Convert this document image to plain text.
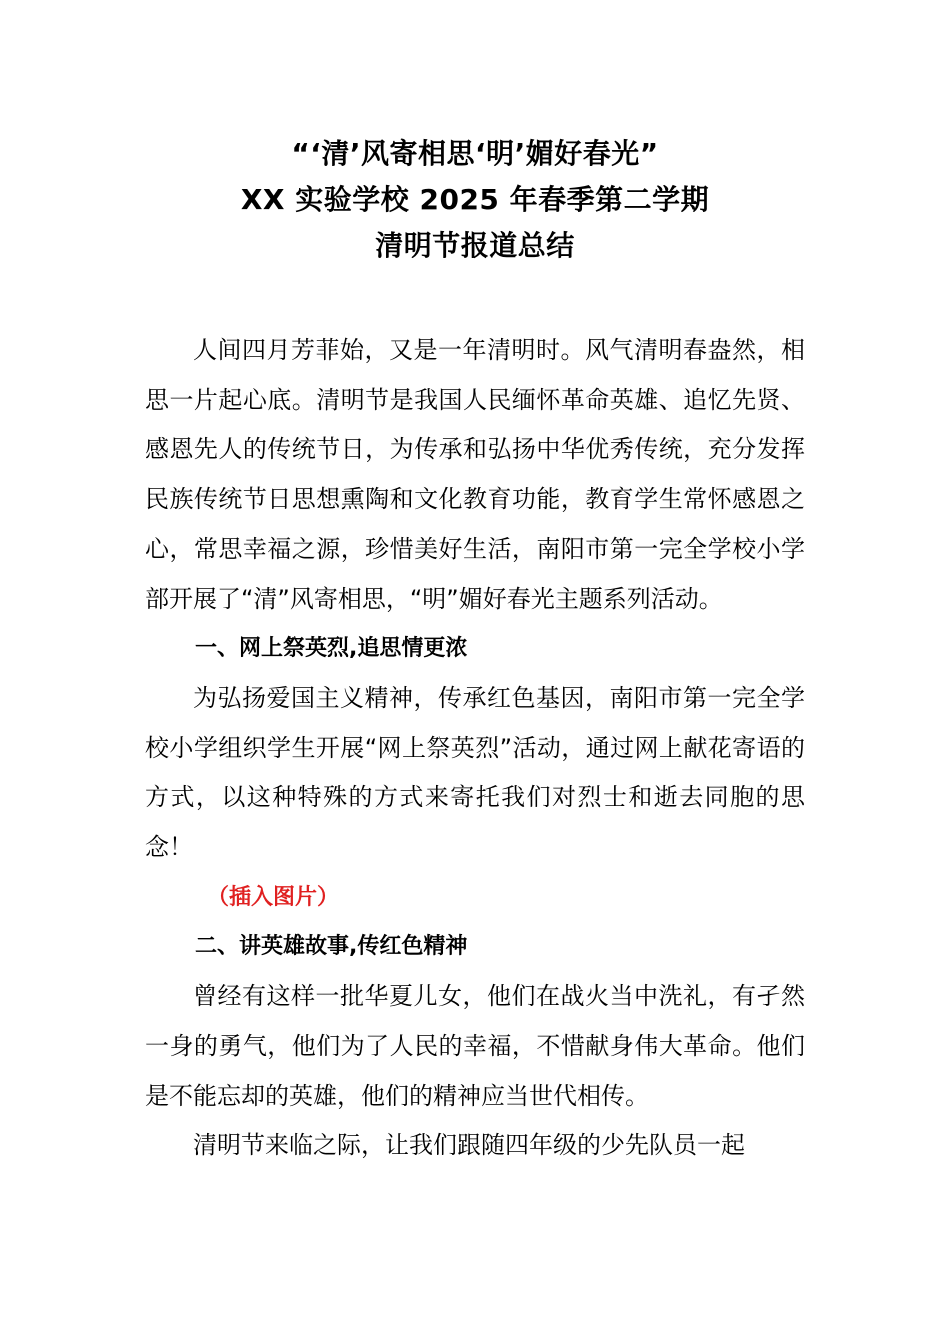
“‘清’风寄相思‘明’媚好春光”
XX 实验学校 2025 年春季第二学期
清明节报道总结

人间四月芳菲始，又是一年清明时。风气清明春盎然，相思一片起心底。清明节是我国人民缅怀革命英雄、追忆先贤、感恩先人的传统节日，为传承和弘扬中华优秀传统，充分发挥民族传统节日思想熏陶和文化教育功能，教育学生常怀感恩之心，常思幸福之源，珍惜美好生活，南阳市第一完全学校小学部开展了“清”风寄相思，“明”媚好春光主题系列活动。

一、网上祭英烈,追思情更浓

为弘扬爱国主义精神，传承红色基因，南阳市第一完全学校小学组织学生开展“网上祭英烈”活动，通过网上献花寄语的方式，以这种特殊的方式来寄托我们对烈士和逝去同胞的思念！

（插入图片）

二、讲英雄故事,传红色精神

曾经有这样一批华夏儿女，他们在战火当中洗礼，有孑然一身的勇气，他们为了人民的幸福，不惜献身伟大革命。他们是不能忘却的英雄，他们的精神应当世代相传。

清明节来临之际，让我们跟随四年级的少先队员一起
